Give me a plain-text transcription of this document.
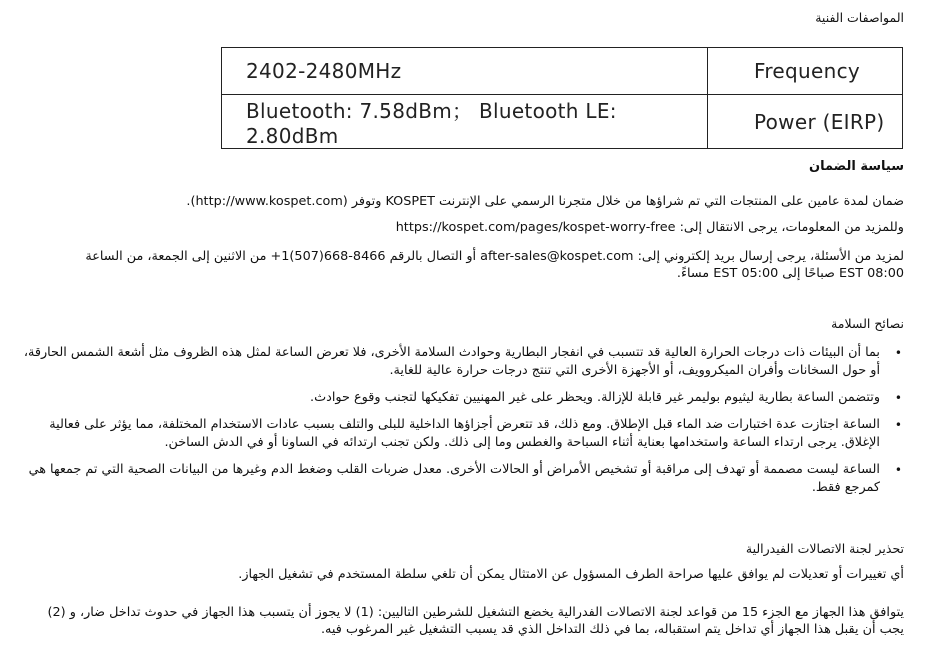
المواصفات الفنية
Frequency	2402-2480MHz
Power (EIRP)	Bluetooth: 7.58dBm； Bluetooth LE: 2.80dBm
سياسة الضمان
ضمان لمدة عامين على المنتجات التي تم شراؤها من خلال متجرنا الرسمي على الإنترنت KOSPET وتوفر (http://www.kospet.com).
وللمزيد من المعلومات، يرجى الانتقال إلى: https://kospet.com/pages/kospet-worry-free
لمزيد من الأسئلة، يرجى إرسال بريد إلكتروني إلى: after-sales@kospet.com أو التصال بالرقم 8466-668(507)1+ من الاثنين إلى الجمعة، من الساعة 08:00 EST صباحًا إلى 05:00 EST مساءً.
نصائح السلامة
•
بما أن البيئات ذات درجات الحرارة العالية قد تتسبب في انفجار البطارية وحوادث السلامة الأخرى، فلا تعرض الساعة لمثل هذه الظروف مثل أشعة الشمس الحارقة، أو حول السخانات وأفران الميكروويف، أو الأجهزة الأخرى التي تنتج درجات حرارة عالية للغاية.
•
وتتضمن الساعة بطارية ليثيوم بوليمر غير قابلة للإزالة. ويحظر على غير المهنيين تفكيكها لتجنب وقوع حوادث.
•
الساعة اجتازت عدة اختبارات ضد الماء قبل الإطلاق. ومع ذلك، قد تتعرض أجزاؤها الداخلية للبلى والتلف بسبب عادات الاستخدام المختلفة، مما يؤثر على فعالية الإغلاق. يرجى ارتداء الساعة واستخدامها بعناية أثناء السباحة والغطس وما إلى ذلك. ولكن تجنب ارتدائه في الساونا أو في الدش الساخن.
•
الساعة ليست مصممة أو تهدف إلى مراقبة أو تشخيص الأمراض أو الحالات الأخرى. معدل ضربات القلب وضغط الدم وغيرها من البيانات الصحية التي تم جمعها هي كمرجع فقط.
تحذير لجنة الاتصالات الفيدرالية
أي تغييرات أو تعديلات لم يوافق عليها صراحة الطرف المسؤول عن الامتثال يمكن أن تلغي سلطة المستخدم في تشغيل الجهاز.
يتوافق هذا الجهاز مع الجزء 15 من قواعد لجنة الاتصالات الفدرالية يخضع التشغيل للشرطين التاليين: (1) لا يجوز أن يتسبب هذا الجهاز في حدوث تداخل ضار، و (2) يجب أن يقبل هذا الجهاز أي تداخل يتم استقباله، بما في ذلك التداخل الذي قد يسبب التشغيل غير المرغوب فيه.
